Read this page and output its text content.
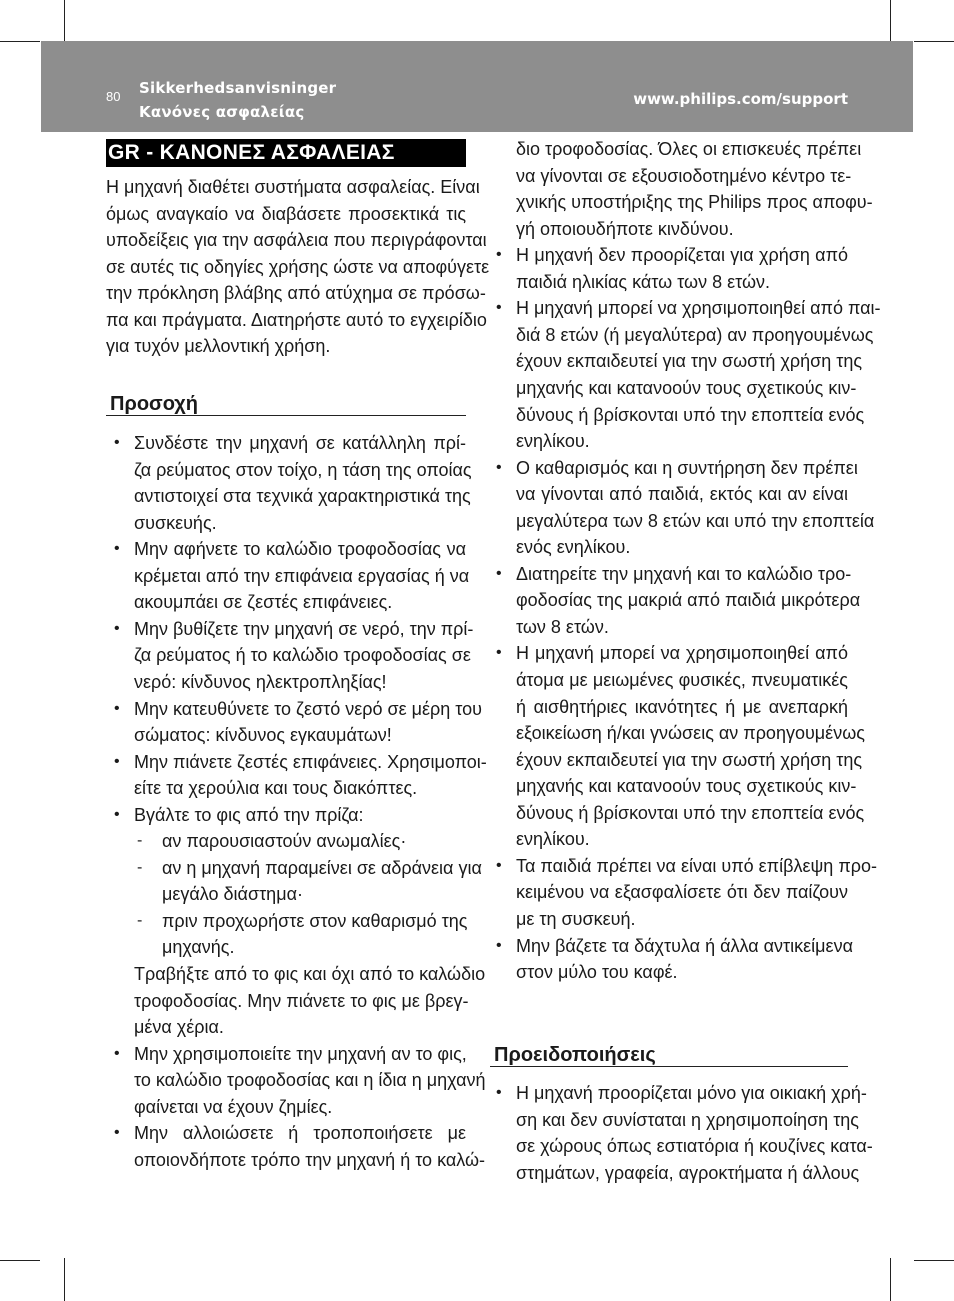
80 Sikkerhedsanvisninger
Κανόνες ασφαλείας
www.philips.com/support
GR - ΚΑΝΟΝΕΣ ΑΣΦΑΛΕΙΑΣ
Η μηχανή διαθέτει συστήματα ασφαλείας. Είναι
όμως αναγκαίο να διαβάσετε προσεκτικά τις
υποδείξεις για την ασφάλεια που περιγράφονται
σε αυτές τις οδηγίες χρήσης ώστε να αποφύγετε
την πρόκληση βλάβης από ατύχημα σε πρόσω-
πα και πράγματα. Διατηρήστε αυτό το εγχειρίδιο
για τυχόν μελλοντική χρήση.
Προσοχή
• Συνδέστε την μηχανή σε κατάλληλη πρί-
ζα ρεύματος στον τοίχο, η τάση της οποίας
αντιστοιχεί στα τεχνικά χαρακτηριστικά της
συσκευής.
• Μην αφήνετε το καλώδιο τροφοδοσίας να
κρέμεται από την επιφάνεια εργασίας ή να
ακουμπάει σε ζεστές επιφάνειες.
• Μην βυθίζετε την μηχανή σε νερό, την πρί-
ζα ρεύματος ή το καλώδιο τροφοδοσίας σε
νερό: κίνδυνος ηλεκτροπληξίας!
• Μην κατευθύνετε το ζεστό νερό σε μέρη του
σώματος: κίνδυνος εγκαυμάτων!
• Μην πιάνετε ζεστές επιφάνειες. Χρησιμοποι-
είτε τα χερούλια και τους διακόπτες.
• Βγάλτε το φις από την πρίζα:
- αν παρουσιαστούν ανωμαλίες·
- αν η μηχανή παραμείνει σε αδράνεια για
μεγάλο διάστημα·
- πριν προχωρήστε στον καθαρισμό της
μηχανής.
Τραβήξτε από το φις και όχι από το καλώδιο
τροφοδοσίας. Μην πιάνετε το φις με βρεγ-
μένα χέρια.
• Μην χρησιμοποιείτε την μηχανή αν το φις,
το καλώδιο τροφοδοσίας και η ίδια η μηχανή
φαίνεται να έχουν ζημίες.
• Μην αλλοιώσετε ή τροποποιήσετε με
οποιονδήποτε τρόπο την μηχανή ή το καλώ-
διο τροφοδοσίας. Όλες οι επισκευές πρέπει
να γίνονται σε εξουσιοδοτημένο κέντρο τε-
χνικής υποστήριξης της Philips προς αποφυ-
γή οποιουδήποτε κινδύνου.
• Η μηχανή δεν προορίζεται για χρήση από
παιδιά ηλικίας κάτω των 8 ετών.
• Η μηχανή μπορεί να χρησιμοποιηθεί από παι-
διά 8 ετών (ή μεγαλύτερα) αν προηγουμένως
έχουν εκπαιδευτεί για την σωστή χρήση της
μηχανής και κατανοούν τους σχετικούς κιν-
δύνους ή βρίσκονται υπό την εποπτεία ενός
ενηλίκου.
• Ο καθαρισμός και η συντήρηση δεν πρέπει
να γίνονται από παιδιά, εκτός και αν είναι
μεγαλύτερα των 8 ετών και υπό την εποπτεία
ενός ενηλίκου.
• Διατηρείτε την μηχανή και το καλώδιο τρο-
φοδοσίας της μακριά από παιδιά μικρότερα
των 8 ετών.
• Η μηχανή μπορεί να χρησιμοποιηθεί από
άτομα με μειωμένες φυσικές, πνευματικές
ή αισθητήριες ικανότητες ή με ανεπαρκή
εξοικείωση ή/και γνώσεις αν προηγουμένως
έχουν εκπαιδευτεί για την σωστή χρήση της
μηχανής και κατανοούν τους σχετικούς κιν-
δύνους ή βρίσκονται υπό την εποπτεία ενός
ενηλίκου.
• Τα παιδιά πρέπει να είναι υπό επίβλεψη προ-
κειμένου να εξασφαλίσετε ότι δεν παίζουν
με τη συσκευή.
• Μην βάζετε τα δάχτυλα ή άλλα αντικείμενα
στον μύλο του καφέ.
Προειδοποιήσεις
• Η μηχανή προορίζεται μόνο για οικιακή χρή-
ση και δεν συνίσταται η χρησιμοποίηση της
σε χώρους όπως εστιατόρια ή κουζίνες κατα-
στημάτων, γραφεία, αγροκτήματα ή άλλους
